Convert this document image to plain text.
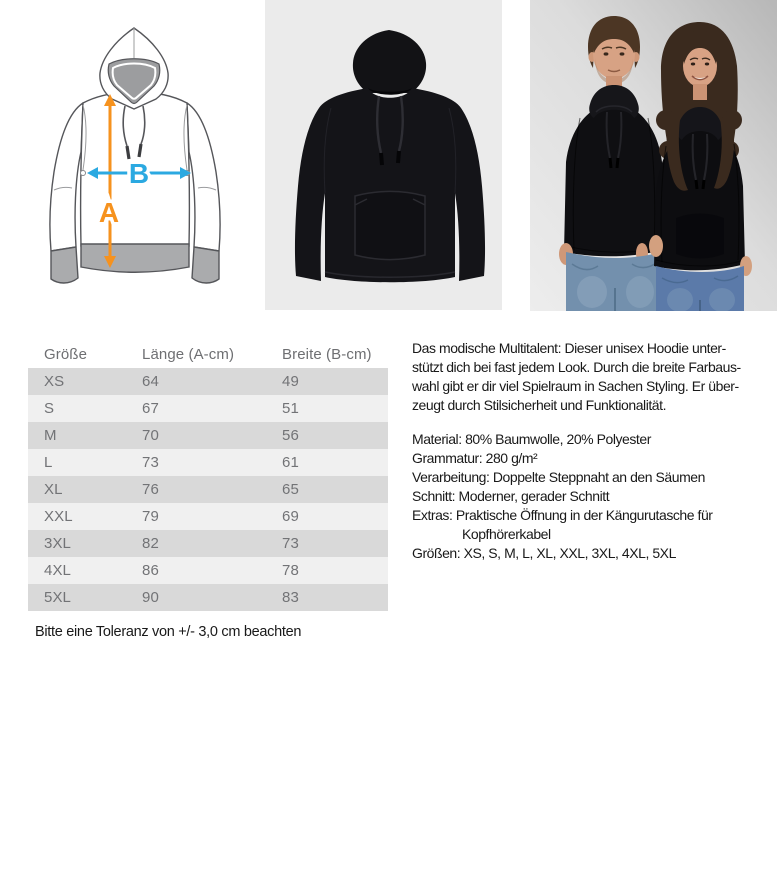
A
B
Größe	Länge (A-cm)	Breite (B-cm)
XS	64	49
S	67	51
M	70	56
L	73	61
XL	76	65
XXL	79	69
3XL	82	73
4XL	86	78
5XL	90	83
Das modische Multitalent: Dieser unisex Hoodie unter-
stützt dich bei fast jedem Look. Durch die breite Farbaus-
wahl gibt er dir viel Spielraum in Sachen Styling. Er über-
zeugt durch Stilsicherheit und Funktionalität.
Material: 80% Baumwolle, 20% Polyester
Grammatur: 280 g/m²
Verarbeitung: Doppelte Steppnaht an den Säumen
Schnitt: Moderner, gerader Schnitt
Extras: Praktische Öffnung in der Kängurutasche für
Kopfhörerkabel
Größen: XS, S, M, L, XL, XXL, 3XL, 4XL, 5XL
Bitte eine Toleranz von +/- 3,0 cm beachten
